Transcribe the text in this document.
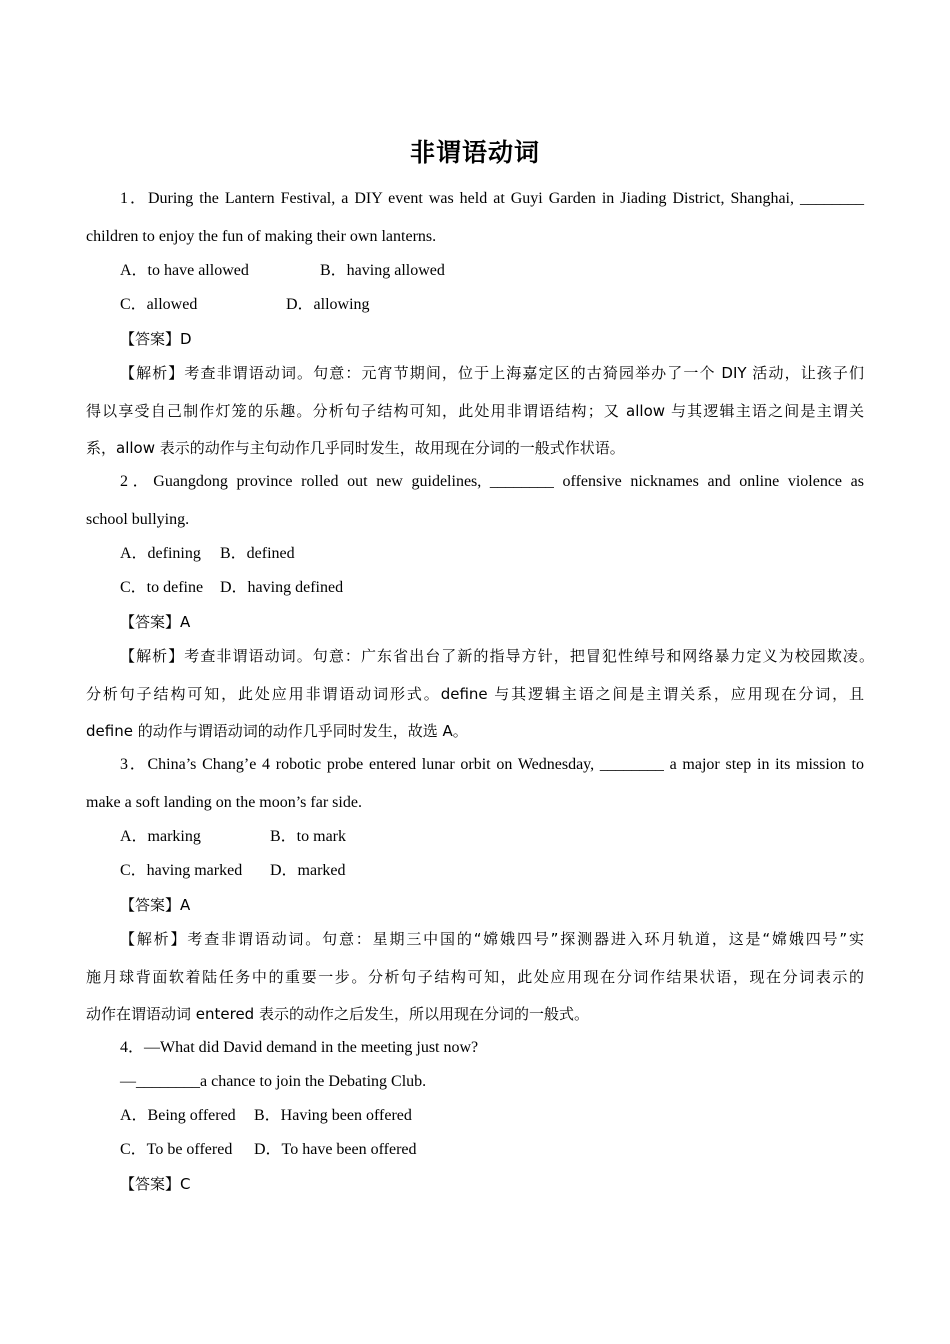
非谓语动词
1．During the Lantern Festival, a DIY event was held at Guyi Garden in Jiading District, Shanghai, ________
children to enjoy the fun of making their own lanterns.
A．to have allowed	B．having allowed
C．allowed	D．allowing
【答案】D
【解析】考查非谓语动词。句意：元宵节期间，位于上海嘉定区的古猗园举办了一个 DIY 活动，让孩子们
得以享受自己制作灯笼的乐趣。分析句子结构可知，此处用非谓语结构；又 allow 与其逻辑主语之间是主谓关
系，allow 表示的动作与主句动作几乎同时发生，故用现在分词的一般式作状语。
2．Guangdong province rolled out new guidelines, ________ offensive nicknames and online violence as
school bullying.
A．defining B．defined
C．to define D．having defined
【答案】A
【解析】考查非谓语动词。句意：广东省出台了新的指导方针，把冒犯性绰号和网络暴力定义为校园欺凌。
分析句子结构可知，此处应用非谓语动词形式。define 与其逻辑主语之间是主谓关系，应用现在分词，且
define 的动作与谓语动词的动作几乎同时发生，故选 A。
3．China’s Chang’e 4 robotic probe entered lunar orbit on Wednesday, ________ a major step in its mission to
make a soft landing on the moon’s far side.
A．marking	B．to mark
C．having marked D．marked
【答案】A
【解析】考查非谓语动词。句意：星期三中国的“嫦娥四号”探测器进入环月轨道，这是“嫦娥四号”实
施月球背面软着陆任务中的重要一步。分析句子结构可知，此处应用现在分词作结果状语，现在分词表示的
动作在谓语动词 entered 表示的动作之后发生，所以用现在分词的一般式。
4．—What did David demand in the meeting just now?
—________a chance to join the Debating Club.
A．Being offered B．Having been offered
C．To be offered D．To have been offered
【答案】C
